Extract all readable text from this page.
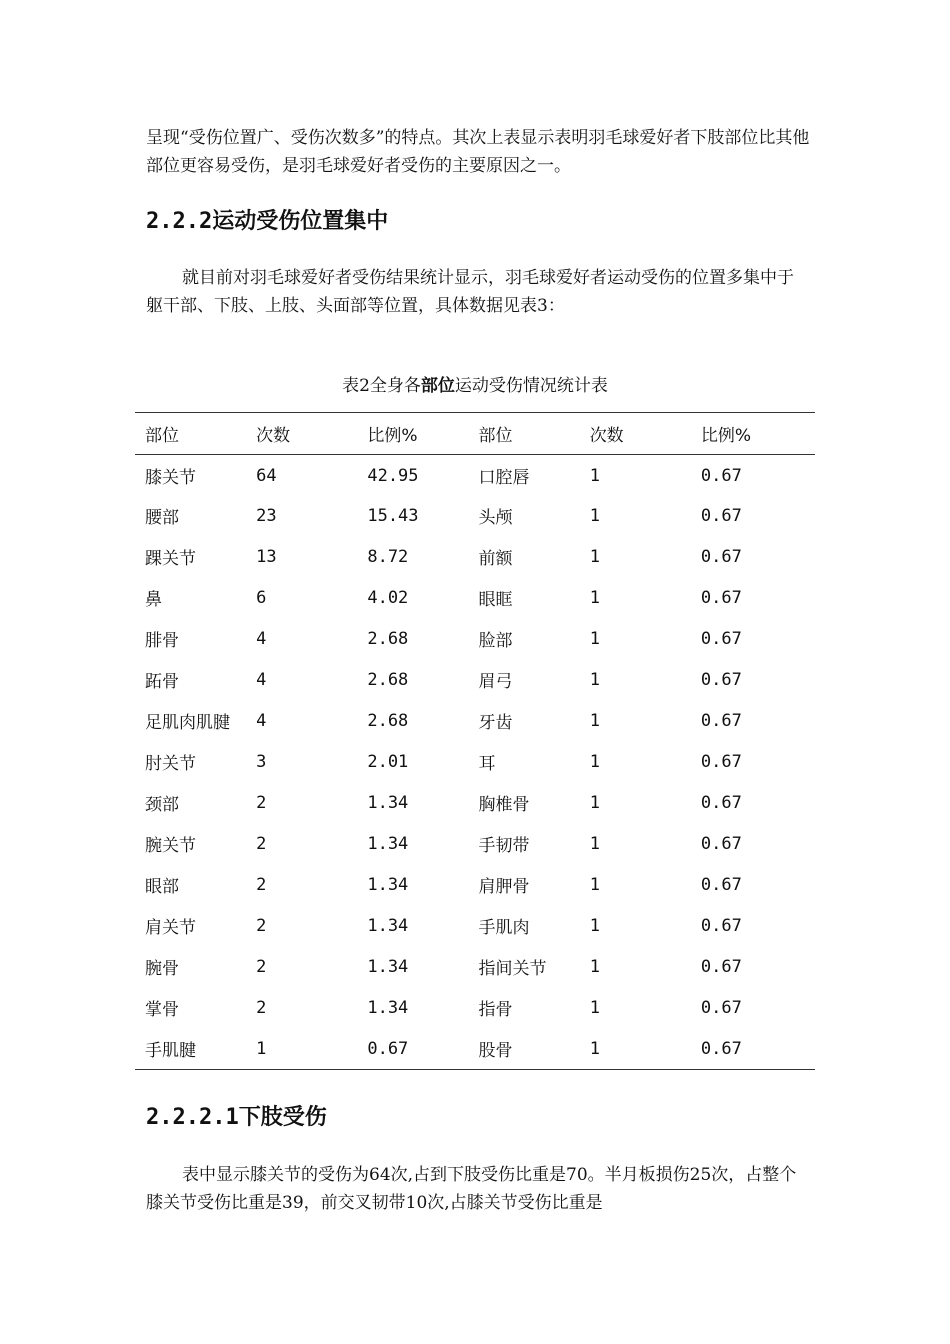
呈现“受伤位置广、受伤次数多”的特点。其次上表显示表明羽毛球爱好者下肢部位比其他部位更容易受伤，是羽毛球爱好者受伤的主要原因之一。

2.2.2运动受伤位置集中

就目前对羽毛球爱好者受伤结果统计显示，羽毛球爱好者运动受伤的位置多集中于躯干部、下肢、上肢、头面部等位置，具体数据见表3：

表2全身各部位运动受伤情况统计表

部位	次数	比例%	部位	次数	比例%
膝关节	64	42.95	口腔唇	1	0.67
腰部	23	15.43	头颅	1	0.67
踝关节	13	8.72	前额	1	0.67
鼻	6	4.02	眼眶	1	0.67
腓骨	4	2.68	脸部	1	0.67
跖骨	4	2.68	眉弓	1	0.67
足肌肉肌腱	4	2.68	牙齿	1	0.67
肘关节	3	2.01	耳	1	0.67
颈部	2	1.34	胸椎骨	1	0.67
腕关节	2	1.34	手韧带	1	0.67
眼部	2	1.34	肩胛骨	1	0.67
肩关节	2	1.34	手肌肉	1	0.67
腕骨	2	1.34	指间关节	1	0.67
掌骨	2	1.34	指骨	1	0.67
手肌腱	1	0.67	股骨	1	0.67
2.2.2.1下肢受伤

表中显示膝关节的受伤为64次,占到下肢受伤比重是70。半月板损伤25次，占整个膝关节受伤比重是39，前交叉韧带10次,占膝关节受伤比重是
